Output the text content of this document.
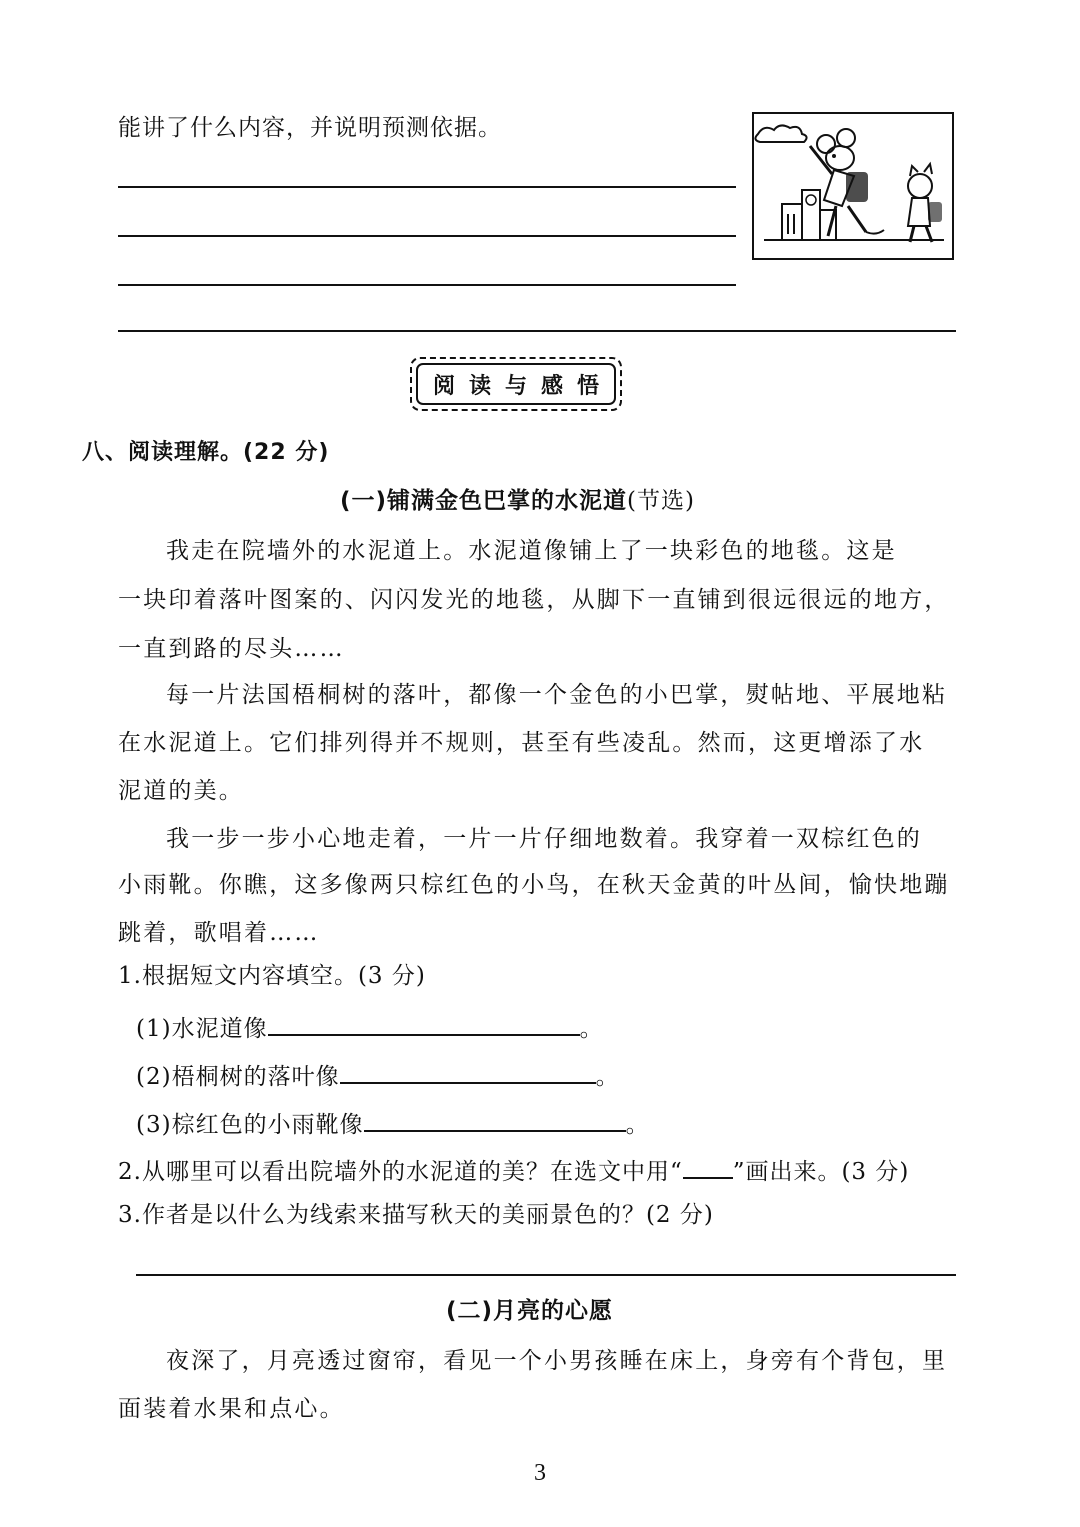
能讲了什么内容，并说明预测依据。
阅读与感悟
八、阅读理解。(22 分)
(一)铺满金色巴掌的水泥道(节选)
我走在院墙外的水泥道上。水泥道像铺上了一块彩色的地毯。这是
一块印着落叶图案的、闪闪发光的地毯，从脚下一直铺到很远很远的地方，
一直到路的尽头……
每一片法国梧桐树的落叶，都像一个金色的小巴掌，熨帖地、平展地粘
在水泥道上。它们排列得并不规则，甚至有些凌乱。然而，这更增添了水
泥道的美。
我一步一步小心地走着，一片一片仔细地数着。我穿着一双棕红色的
小雨靴。你瞧，这多像两只棕红色的小鸟，在秋天金黄的叶丛间，愉快地蹦
跳着，歌唱着……
1.根据短文内容填空。(3 分)
(1)水泥道像	。
(2)梧桐树的落叶像	。
(3)棕红色的小雨靴像	。
2.从哪里可以看出院墙外的水泥道的美？在选文中用“ ”画出来。(3 分)
3.作者是以什么为线索来描写秋天的美丽景色的？(2 分)
(二)月亮的心愿
夜深了，月亮透过窗帘，看见一个小男孩睡在床上，身旁有个背包，里
面装着水果和点心。
3
